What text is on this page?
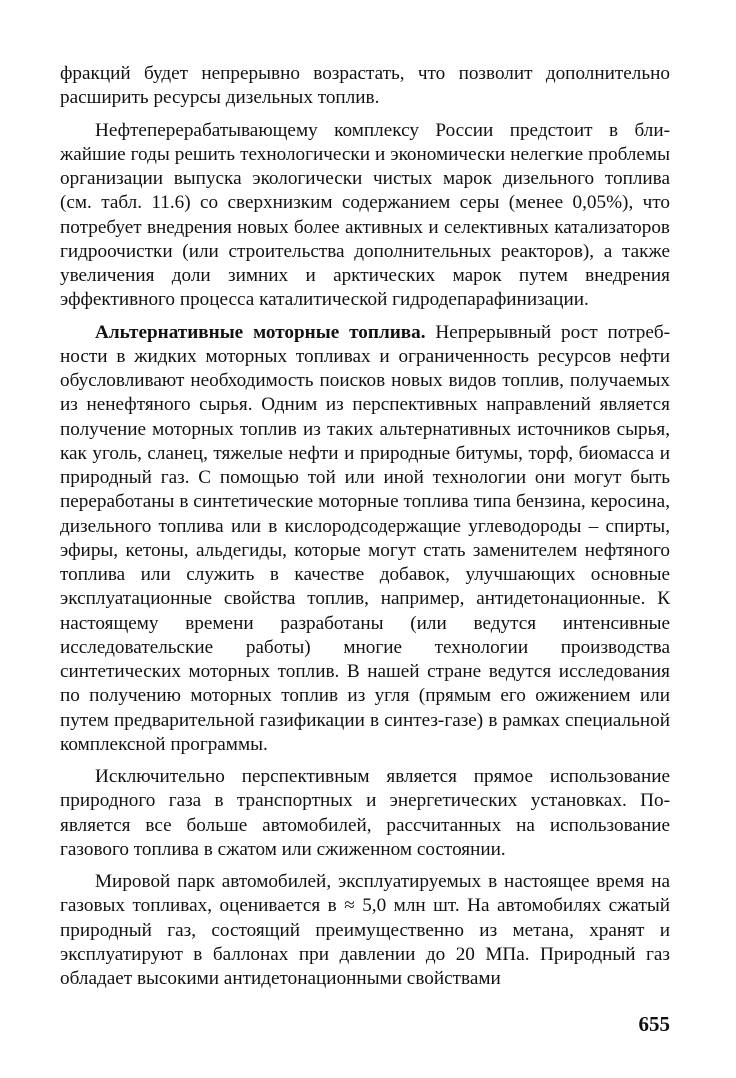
фракций будет непрерывно возрастать, что позволит дополнительно расширить ресурсы дизельных топлив.

Нефтеперерабатывающему комплексу России предстоит в ближайшие годы решить технологически и экономически нелегкие проблемы организации выпуска экологически чистых марок дизельного топлива (см. табл. 11.6) со сверхнизким содержанием серы (менее 0,05%), что потребует внедрения новых более активных и селективных катализаторов гидроочистки (или строительства дополнительных реакторов), а также увеличения доли зимних и арктических марок путем внедрения эффективного процесса каталитической гидродепарафинизации.

Альтернативные моторные топлива. Непрерывный рост потребности в жидких моторных топливах и ограниченность ресурсов нефти обусловливают необходимость поисков новых видов топлив, получаемых из ненефтяного сырья. Одним из перспективных направлений является получение моторных топлив из таких альтернативных источников сырья, как уголь, сланец, тяжелые нефти и природные битумы, торф, биомасса и природный газ. С помощью той или иной технологии они могут быть переработаны в синтетические моторные топлива типа бензина, керосина, дизельного топлива или в кислородсодержащие углеводороды – спирты, эфиры, кетоны, альдегиды, которые могут стать заменителем нефтяного топлива или служить в качестве добавок, улучшающих основные эксплуатационные свойства топлив, например, антидетонационные. К настоящему времени разработаны (или ведутся интенсивные исследовательские работы) многие технологии производства синтетических моторных топлив. В нашей стране ведутся исследования по получению моторных топлив из угля (прямым его ожижением или путем предварительной газификации в синтез-газе) в рамках специальной комплексной программы.

Исключительно перспективным является прямое использование природного газа в транспортных и энергетических установках. Появляется все больше автомобилей, рассчитанных на использование газового топлива в сжатом или сжиженном состоянии.

Мировой парк автомобилей, эксплуатируемых в настоящее время на газовых топливах, оценивается в ≈ 5,0 млн шт. На автомобилях сжатый природный газ, состоящий преимущественно из метана, хранят и эксплуатируют в баллонах при давлении до 20 МПа. Природный газ обладает высокими антидетонационными свойствами

655
